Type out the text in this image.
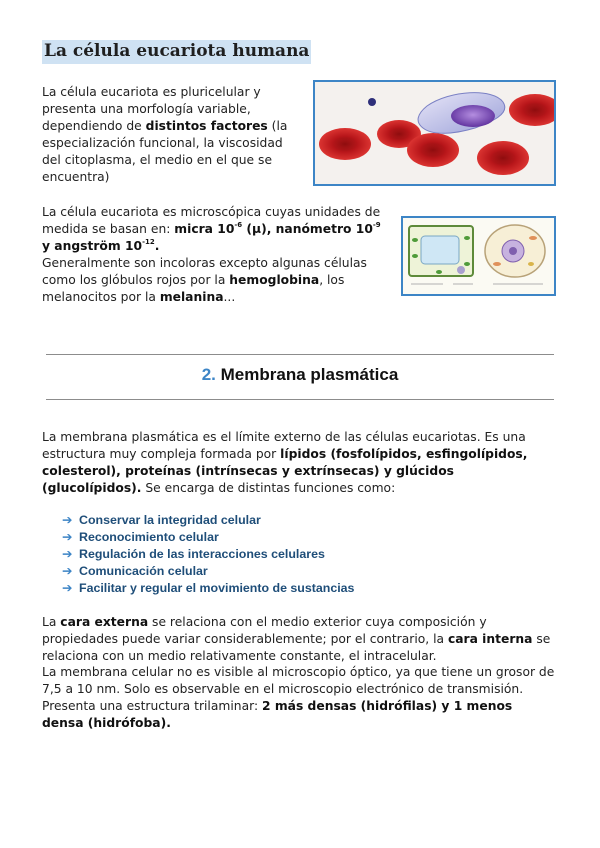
La célula eucariota humana

La célula eucariota es pluricelular y presenta una morfología variable, dependiendo de distintos factores (la especialización funcional, la viscosidad del citoplasma, el medio en el que se encuentra)

La célula eucariota es microscópica cuyas unidades de medida se basan en: micra $10^{-6}$ (μ), nanómetro $10^{-9}$ y angström $10^{-12}$.
Generalmente son incoloras excepto algunas células como los glóbulos rojos por la hemoglobina, los melanocitos por la melanina...

2. Membrana plasmática

La membrana plasmática es el límite externo de las células eucariotas. Es una estructura muy compleja formada por lípidos (fosfolípidos, esfingolípidos, colesterol), proteínas (intrínsecas y extrínsecas) y glúcidos (glucolípidos). Se encarga de distintas funciones como:

➔ Conservar la integridad celular
➔ Reconocimiento celular
➔ Regulación de las interacciones celulares
➔ Comunicación celular
➔ Facilitar y regular el movimiento de sustancias

La cara externa se relaciona con el medio exterior cuya composición y propiedades puede variar considerablemente; por el contrario, la cara interna se relaciona con un medio relativamente constante, el intracelular.

La membrana celular no es visible al microscopio óptico, ya que tiene un grosor de 7,5 a 10 nm. Solo es observable en el microscopio electrónico de transmisión. Presenta una estructura trilaminar: 2 más densas (hidrófilas) y 1 menos densa (hidrófoba).
